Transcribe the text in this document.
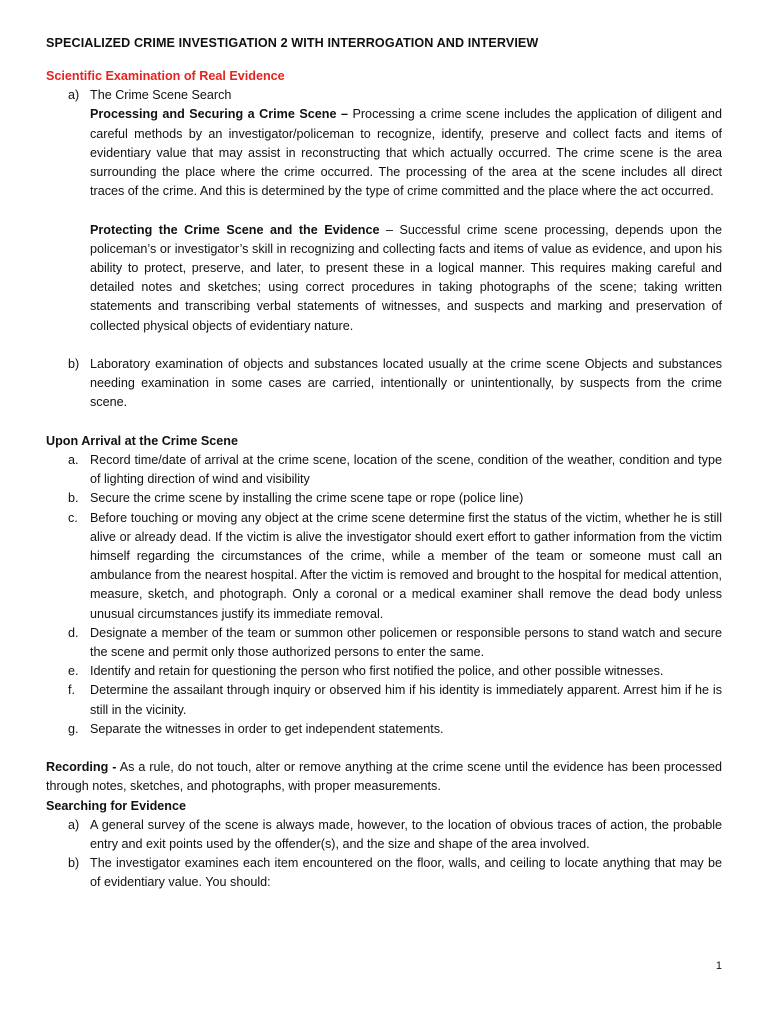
SPECIALIZED CRIME INVESTIGATION 2 WITH INTERROGATION AND INTERVIEW
Scientific Examination of Real Evidence
a) The Crime Scene Search

Processing and Securing a Crime Scene – Processing a crime scene includes the application of diligent and careful methods by an investigator/policeman to recognize, identify, preserve and collect facts and items of evidentiary value that may assist in reconstructing that which actually occurred. The crime scene is the area surrounding the place where the crime occurred. The processing of the area at the scene includes all direct traces of the crime. And this is determined by the type of crime committed and the place where the act occurred.

Protecting the Crime Scene and the Evidence – Successful crime scene processing, depends upon the policeman’s or investigator’s skill in recognizing and collecting facts and items of value as evidence, and upon his ability to protect, preserve, and later, to present these in a logical manner. This requires making careful and detailed notes and sketches; using correct procedures in taking photographs of the scene; taking written statements and transcribing verbal statements of witnesses, and suspects and marking and preservation of collected physical objects of evidentiary nature.

b) Laboratory examination of objects and substances located usually at the crime scene Objects and substances needing examination in some cases are carried, intentionally or unintentionally, by suspects from the crime scene.
Upon Arrival at the Crime Scene
a. Record time/date of arrival at the crime scene, location of the scene, condition of the weather, condition and type of lighting direction of wind and visibility
b. Secure the crime scene by installing the crime scene tape or rope (police line)
c. Before touching or moving any object at the crime scene determine first the status of the victim, whether he is still alive or already dead. If the victim is alive the investigator should exert effort to gather information from the victim himself regarding the circumstances of the crime, while a member of the team or someone must call an ambulance from the nearest hospital. After the victim is removed and brought to the hospital for medical attention, measure, sketch, and photograph. Only a coronal or a medical examiner shall remove the dead body unless unusual circumstances justify its immediate removal.
d. Designate a member of the team or summon other policemen or responsible persons to stand watch and secure the scene and permit only those authorized persons to enter the same.
e. Identify and retain for questioning the person who first notified the police, and other possible witnesses.
f.	Determine the assailant through inquiry or observed him if his identity is immediately apparent. Arrest him if he is still in the vicinity.
g. Separate the witnesses in order to get independent statements.

Recording - As a rule, do not touch, alter or remove anything at the crime scene until the evidence has been processed through notes, sketches, and photographs, with proper measurements.

Searching for Evidence
a) A general survey of the scene is always made, however, to the location of obvious traces of action, the probable entry and exit points used by the offender(s), and the size and shape of the area involved.
b) The investigator examines each item encountered on the floor, walls, and ceiling to locate anything that may be of evidentiary value. You should:
1
